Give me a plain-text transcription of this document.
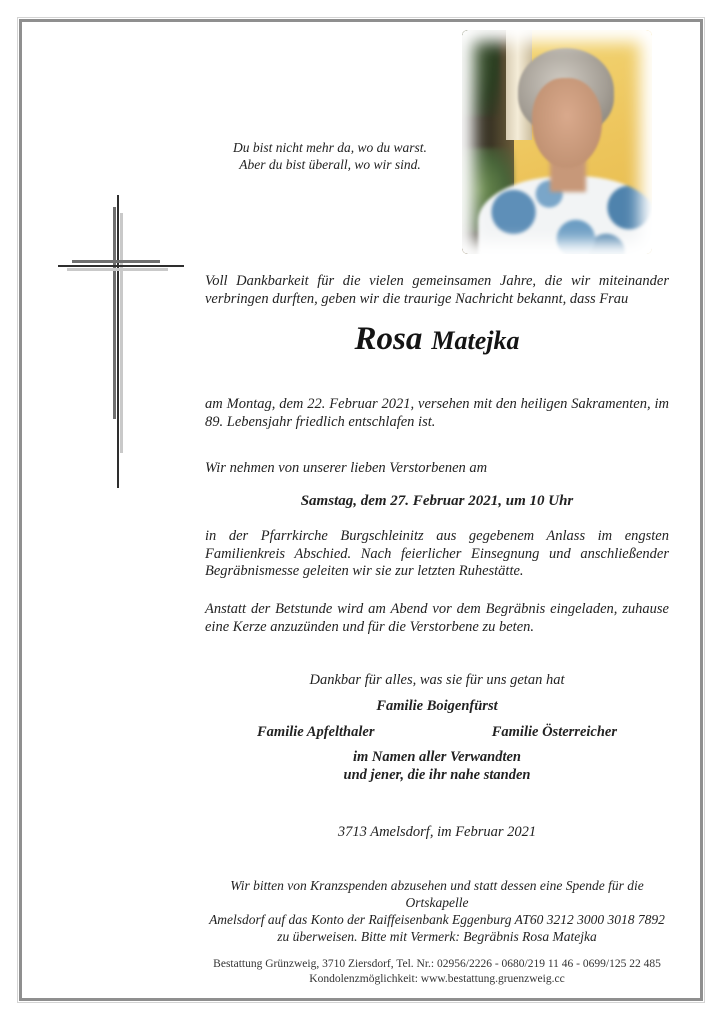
Du bist nicht mehr da, wo du warst.
Aber du bist überall, wo wir sind.
Voll Dankbarkeit für die vielen gemeinsamen Jahre, die wir miteinander verbringen durften, geben wir die traurige Nachricht bekannt, dass Frau
Rosa Matejka
am Montag, dem 22. Februar 2021, versehen mit den heiligen Sakramenten, im 89. Lebensjahr friedlich entschlafen ist.
Wir nehmen von unserer lieben Verstorbenen am
Samstag, dem 27. Februar 2021, um 10 Uhr
in der Pfarrkirche Burgschleinitz aus gegebenem Anlass im engsten Familienkreis Abschied. Nach feierlicher Einsegnung und anschließender Begräbnismesse geleiten wir sie zur letzten Ruhestätte.
Anstatt der Betstunde wird am Abend vor dem Begräbnis eingeladen, zuhause eine Kerze anzuzünden und für die Verstorbene zu beten.
Dankbar für alles, was sie für uns getan hat
Familie Boigenfürst
Familie Apfelthaler	Familie Österreicher
im Namen aller Verwandten
und jener, die ihr nahe standen
3713 Amelsdorf, im Februar 2021
Wir bitten von Kranzspenden abzusehen und statt dessen eine Spende für die Ortskapelle
Amelsdorf auf das Konto der Raiffeisenbank Eggenburg AT60 3212 3000 3018 7892
zu überweisen. Bitte mit Vermerk: Begräbnis Rosa Matejka
Bestattung Grünzweig, 3710 Ziersdorf, Tel. Nr.: 02956/2226 - 0680/219 11 46 - 0699/125 22 485
Kondolenzmöglichkeit: www.bestattung.gruenzweig.cc
